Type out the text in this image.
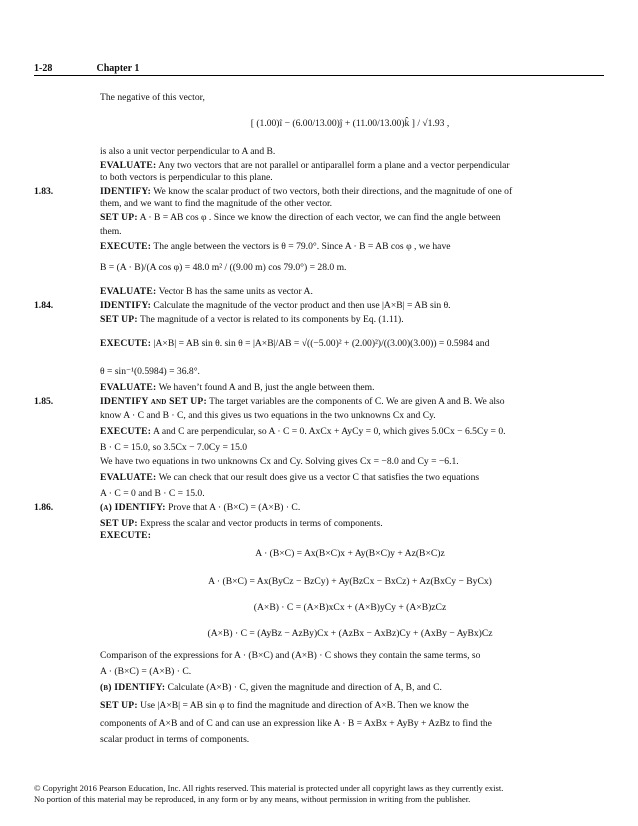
1-28	Chapter 1
The negative of this vector,
[ (1.00)î − (6.00/13.00)ĵ + (11.00/13.00)k̂ ] / √1.93 ,
is also a unit vector perpendicular to A and B.
EVALUATE: Any two vectors that are not parallel or antiparallel form a plane and a vector perpendicular
to both vectors is perpendicular to this plane.
IDENTIFY: We know the scalar product of two vectors, both their directions, and the magnitude of one of
them, and we want to find the magnitude of the other vector.
SET UP: A · B = AB cos φ . Since we know the direction of each vector, we can find the angle between
them.
EXECUTE: The angle between the vectors is θ = 79.0°. Since A · B = AB cos φ , we have
B = (A · B)/(A cos φ) = 48.0 m² / ((9.00 m) cos 79.0°) = 28.0 m.
EVALUATE: Vector B has the same units as vector A.
IDENTIFY: Calculate the magnitude of the vector product and then use |A×B| = AB sin θ.
SET UP: The magnitude of a vector is related to its components by Eq. (1.11).
EXECUTE: |A×B| = AB sin θ. sin θ = |A×B|/AB = √((−5.00)² + (2.00)²)/((3.00)(3.00)) = 0.5984 and
θ = sin⁻¹(0.5984) = 36.8°.
EVALUATE: We haven’t found A and B, just the angle between them.
IDENTIFY and SET UP: The target variables are the components of C. We are given A and B. We also
know A · C and B · C, and this gives us two equations in the two unknowns Cx and Cy.
EXECUTE: A and C are perpendicular, so A · C = 0. AxCx + AyCy = 0, which gives 5.0Cx − 6.5Cy = 0.
B · C = 15.0, so 3.5Cx − 7.0Cy = 15.0
We have two equations in two unknowns Cx and Cy. Solving gives Cx = −8.0 and Cy = −6.1.
EVALUATE: We can check that our result does give us a vector C that satisfies the two equations
A · C = 0 and B · C = 15.0.
(a) IDENTIFY: Prove that A · (B×C) = (A×B) · C.
SET UP: Express the scalar and vector products in terms of components.
EXECUTE:
A · (B×C) = Ax(B×C)x + Ay(B×C)y + Az(B×C)z
A · (B×C) = Ax(ByCz − BzCy) + Ay(BzCx − BxCz) + Az(BxCy − ByCx)
(A×B) · C = (A×B)xCx + (A×B)yCy + (A×B)zCz
(A×B) · C = (AyBz − AzBy)Cx + (AzBx − AxBz)Cy + (AxBy − AyBx)Cz
Comparison of the expressions for A · (B×C) and (A×B) · C shows they contain the same terms, so
A · (B×C) = (A×B) · C.
(b) IDENTIFY: Calculate (A×B) · C, given the magnitude and direction of A, B, and C.
SET UP: Use |A×B| = AB sin φ to find the magnitude and direction of A×B. Then we know the
components of A×B and of C and can use an expression like A · B = AxBx + AyBy + AzBz to find the
scalar product in terms of components.
1.83.
1.84.
1.85.
1.86.
© Copyright 2016 Pearson Education, Inc. All rights reserved. This material is protected under all copyright laws as they currently exist.
No portion of this material may be reproduced, in any form or by any means, without permission in writing from the publisher.
